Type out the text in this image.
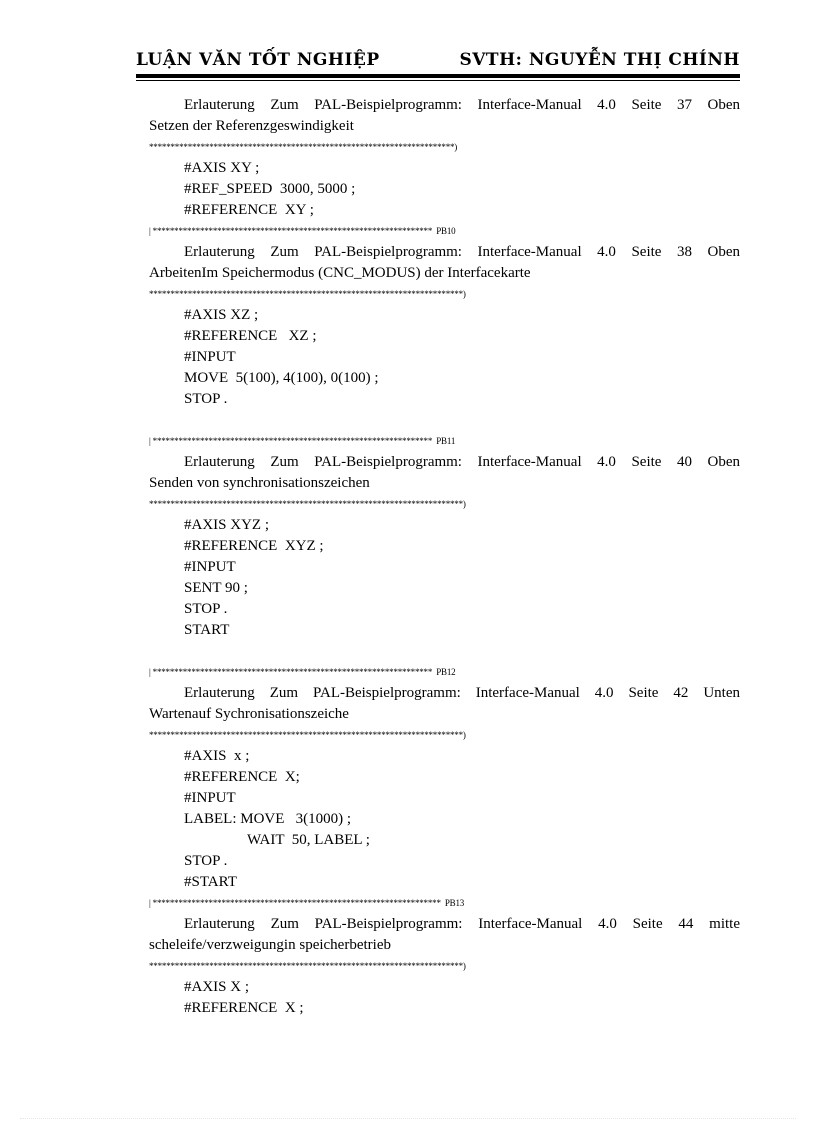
LUẬN VĂN TỐT NGHIỆP	SVTH: NGUYỄN THỊ CHÍNH
Erlauterung Zum PAL-Beispielprogramm: Interface-Manual 4.0 Seite 37 Oben
Setzen der Referenzgeswindigkeit
***********************************************************************)
#AXIS XY ;
#REF_SPEED  3000, 5000 ;
#REFERENCE  XY ;
| *****************************************************************  PB10
Erlauterung Zum PAL-Beispielprogramm: Interface-Manual 4.0 Seite 38 Oben
ArbeitenIm Speichermodus (CNC_MODUS) der Interfacekarte
*************************************************************************)
#AXIS XZ ;
#REFERENCE   XZ ;
#INPUT
MOVE  5(100), 4(100), 0(100) ;
STOP .
| *****************************************************************  PB11
Erlauterung Zum PAL-Beispielprogramm: Interface-Manual 4.0 Seite 40 Oben
Senden von synchronisationszeichen
*************************************************************************)
#AXIS XYZ ;
#REFERENCE  XYZ ;
#INPUT
SENT 90 ;
STOP .
START
| *****************************************************************  PB12
Erlauterung Zum PAL-Beispielprogramm: Interface-Manual 4.0 Seite 42 Unten
Wartenauf Sychronisationszeiche
*************************************************************************)
#AXIS  x ;
#REFERENCE  X;
#INPUT
LABEL: MOVE   3(1000) ;
WAIT  50, LABEL ;
STOP .
#START
| *******************************************************************  PB13
Erlauterung Zum PAL-Beispielprogramm: Interface-Manual 4.0 Seite 44 mitte
scheleife/verzweigungin speicherbetrieb
*************************************************************************)
#AXIS X ;
#REFERENCE  X ;
